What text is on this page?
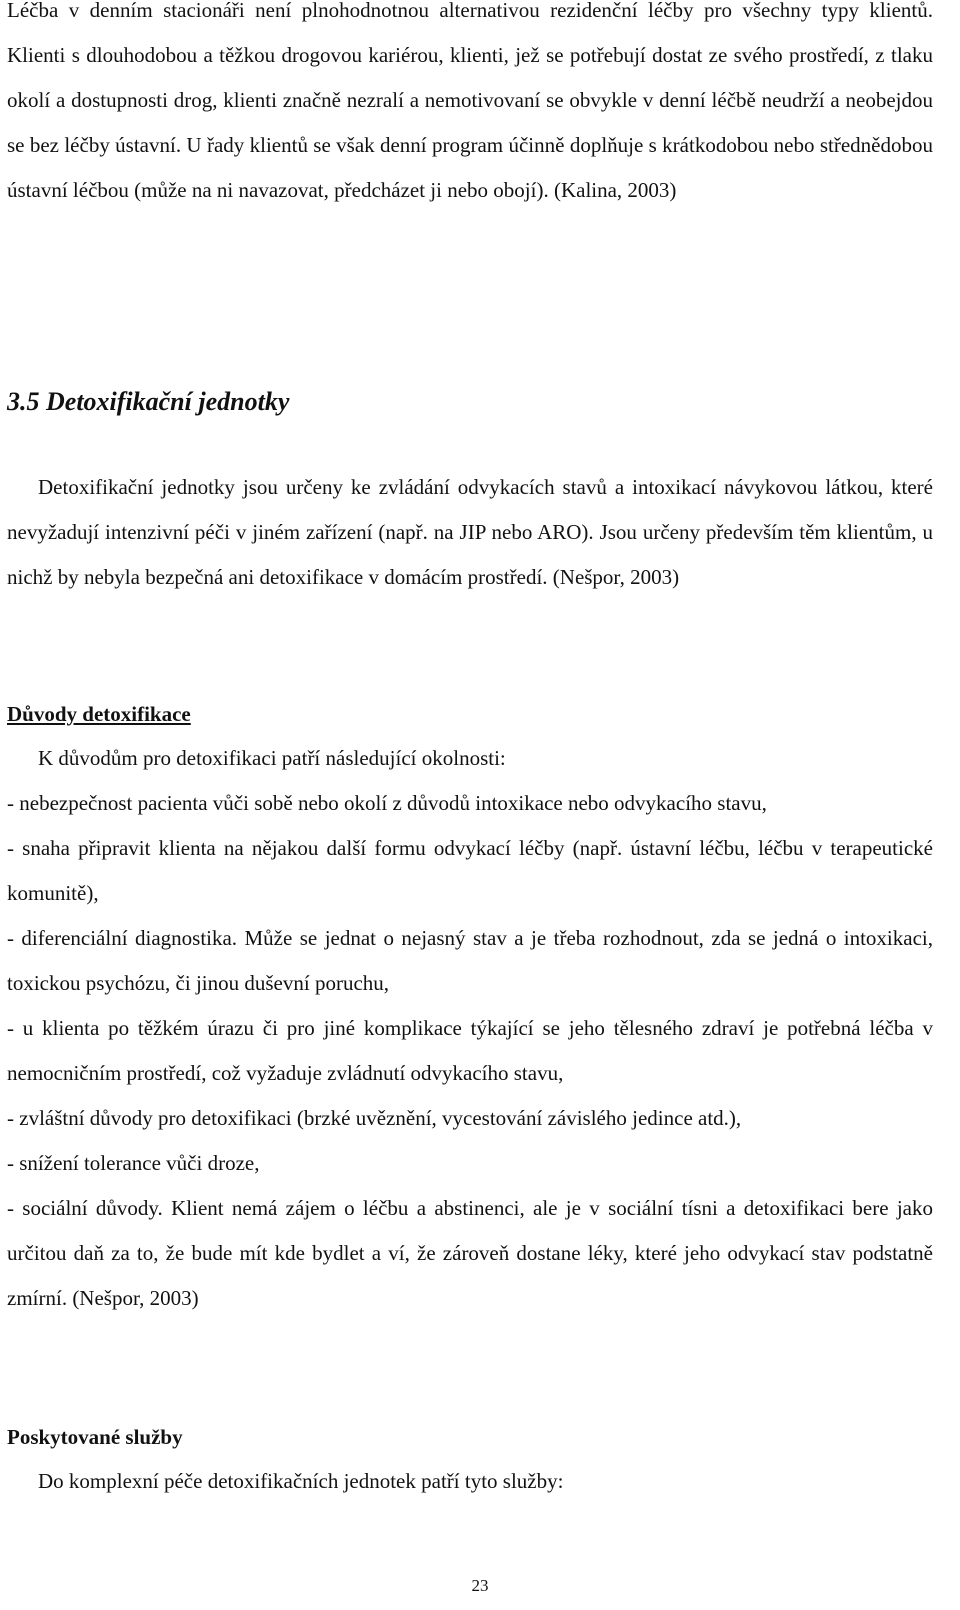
Léčba v denním stacionáři není plnohodnotnou alternativou rezidenční léčby pro všechny typy klientů. Klienti s dlouhodobou a těžkou drogovou kariérou, klienti, jež se potřebují dostat ze svého prostředí, z tlaku okolí a dostupnosti drog, klienti značně nezralí a nemotivovaní se obvykle v denní léčbě neudrží a neobejdou se bez léčby ústavní. U řady klientů se však denní program účinně doplňuje s krátkodobou nebo střednědobou ústavní léčbou (může na ni navazovat, předcházet ji nebo obojí). (Kalina, 2003)

3.5 Detoxifikační jednotky

Detoxifikační jednotky jsou určeny ke zvládání odvykacích stavů a intoxikací návykovou látkou, které nevyžadují intenzivní péči v jiném zařízení (např. na JIP nebo ARO). Jsou určeny především těm klientům, u nichž by nebyla bezpečná ani detoxifikace v domácím prostředí. (Nešpor, 2003)

Důvody detoxifikace

K důvodům pro detoxifikaci patří následující okolnosti:

- nebezpečnost pacienta vůči sobě nebo okolí z důvodů intoxikace nebo odvykacího stavu,

- snaha připravit klienta na nějakou další formu odvykací léčby (např. ústavní léčbu, léčbu v terapeutické komunitě),

- diferenciální diagnostika. Může se jednat o nejasný stav a je třeba rozhodnout, zda se jedná o intoxikaci, toxickou psychózu, či jinou duševní poruchu,

- u klienta po těžkém úrazu či pro jiné komplikace týkající se jeho tělesného zdraví je potřebná léčba v nemocničním prostředí, což vyžaduje zvládnutí odvykacího stavu,

- zvláštní důvody pro detoxifikaci (brzké uvěznění, vycestování závislého jedince atd.),

- snížení tolerance vůči droze,

- sociální důvody. Klient nemá zájem o léčbu a abstinenci, ale je v sociální tísni a detoxifikaci bere jako určitou daň za to, že bude mít kde bydlet a ví, že zároveň dostane léky, které jeho odvykací stav podstatně zmírní. (Nešpor, 2003)

Poskytované služby

Do komplexní péče detoxifikačních jednotek patří tyto služby:

23
